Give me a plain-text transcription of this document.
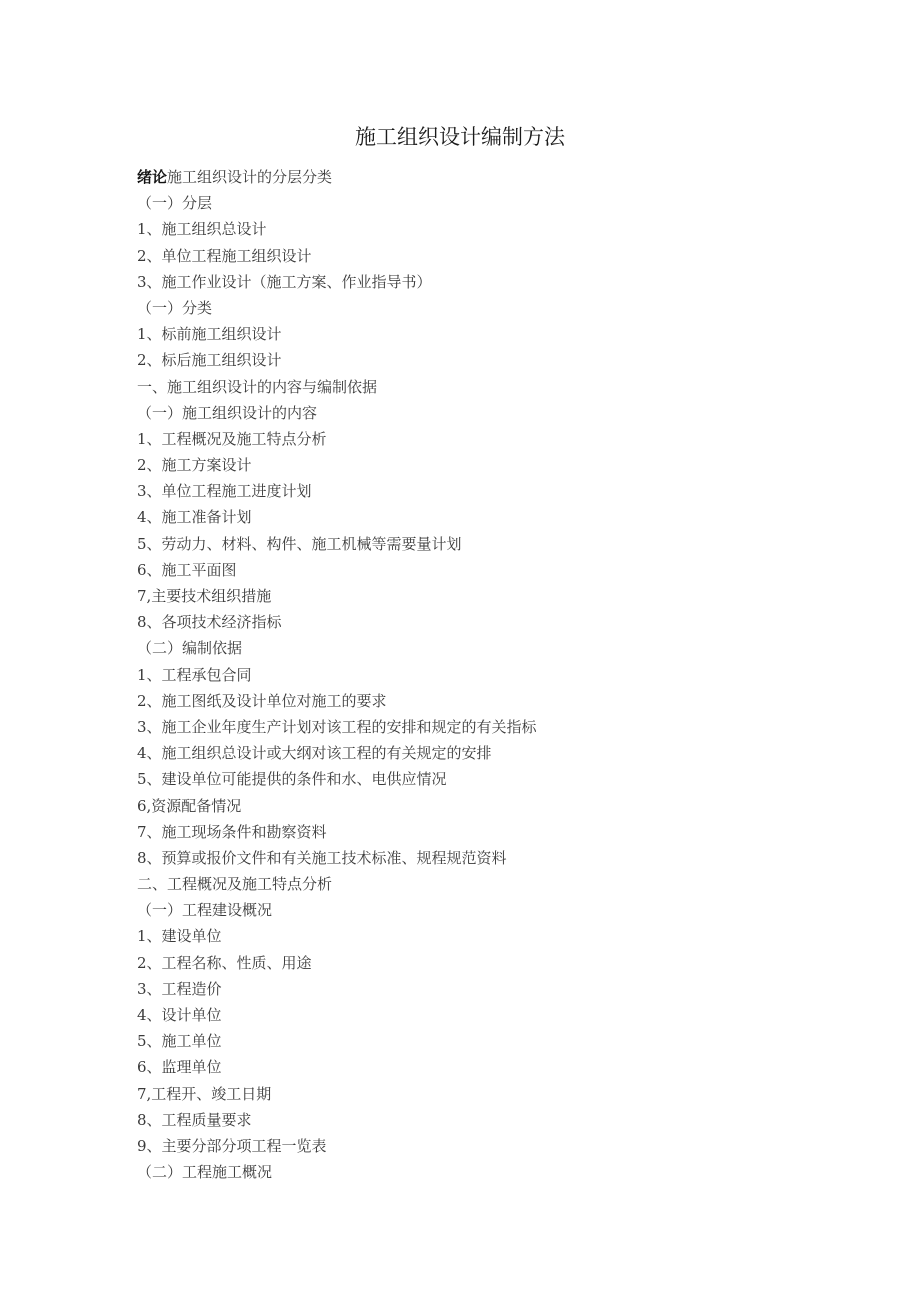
施工组织设计编制方法
绪论施工组织设计的分层分类
（一）分层
1、施工组织总设计
2、单位工程施工组织设计
3、施工作业设计（施工方案、作业指导书）
（一）分类
1、标前施工组织设计
2、标后施工组织设计
一、施工组织设计的内容与编制依据
（一）施工组织设计的内容
1、工程概况及施工特点分析
2、施工方案设计
3、单位工程施工进度计划
4、施工准备计划
5、劳动力、材料、构件、施工机械等需要量计划
6、施工平面图
7,主要技术组织措施
8、各项技术经济指标
（二）编制依据
1、工程承包合同
2、施工图纸及设计单位对施工的要求
3、施工企业年度生产计划对该工程的安排和规定的有关指标
4、施工组织总设计或大纲对该工程的有关规定的安排
5、建设单位可能提供的条件和水、电供应情况
6,资源配备情况
7、施工现场条件和勘察资料
8、预算或报价文件和有关施工技术标准、规程规范资料
二、工程概况及施工特点分析
（一）工程建设概况
1、建设单位
2、工程名称、性质、用途
3、工程造价
4、设计单位
5、施工单位
6、监理单位
7,工程开、竣工日期
8、工程质量要求
9、主要分部分项工程一览表
（二）工程施工概况
